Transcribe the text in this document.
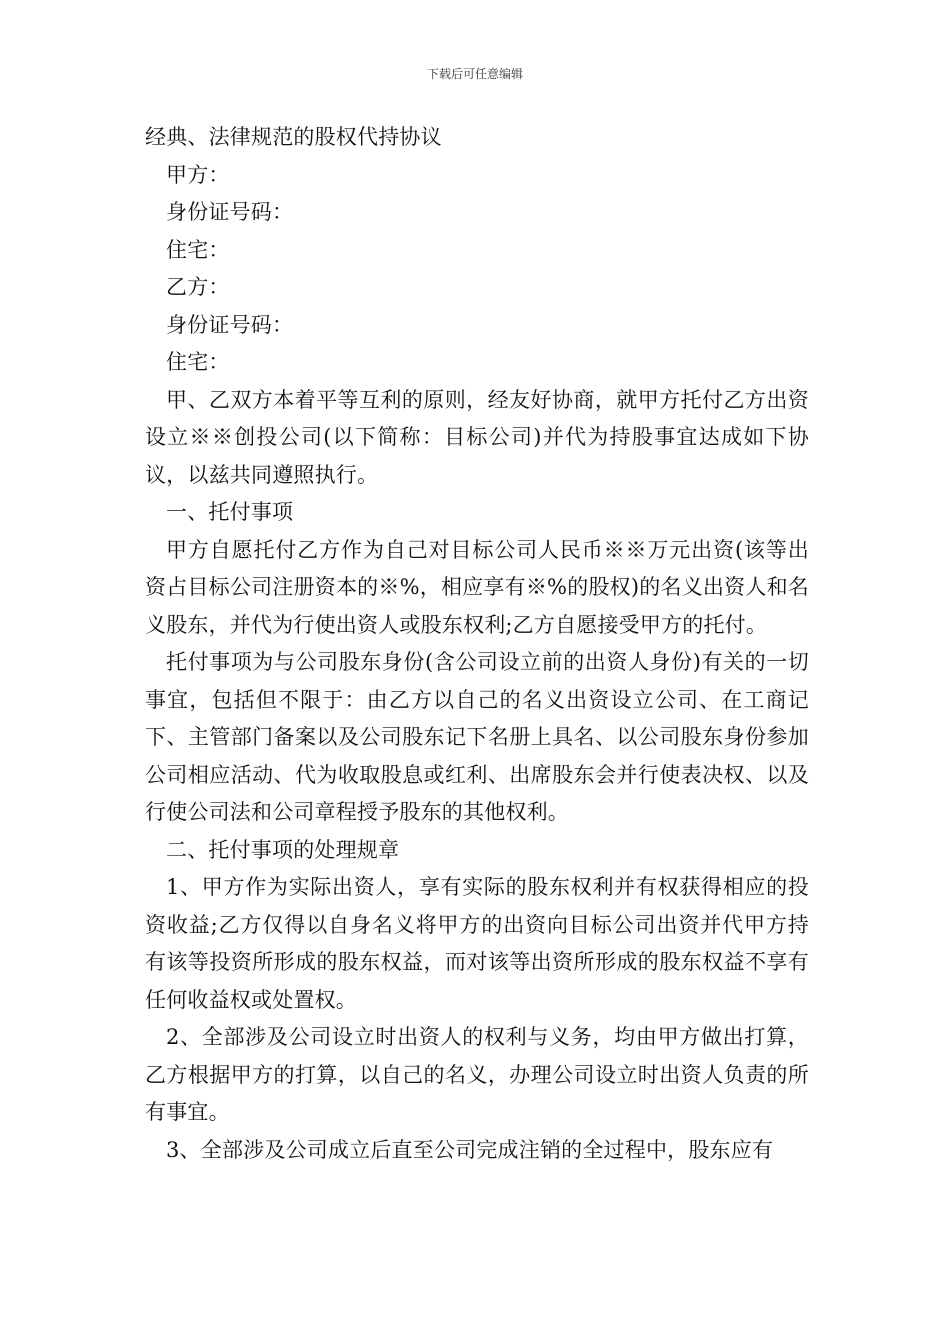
下载后可任意编辑

经典、法律规范的股权代持协议

甲方：

身份证号码：

住宅：

乙方：

身份证号码：

住宅：

甲、乙双方本着平等互利的原则，经友好协商，就甲方托付乙方出资设立※※创投公司(以下简称：目标公司)并代为持股事宜达成如下协议，以兹共同遵照执行。

一、托付事项

甲方自愿托付乙方作为自己对目标公司人民币※※万元出资(该等出资占目标公司注册资本的※%，相应享有※%的股权)的名义出资人和名义股东，并代为行使出资人或股东权利;乙方自愿接受甲方的托付。

托付事项为与公司股东身份(含公司设立前的出资人身份)有关的一切事宜，包括但不限于：由乙方以自己的名义出资设立公司、在工商记下、主管部门备案以及公司股东记下名册上具名、以公司股东身份参加公司相应活动、代为收取股息或红利、出席股东会并行使表决权、以及行使公司法和公司章程授予股东的其他权利。

二、托付事项的处理规章

1、甲方作为实际出资人，享有实际的股东权利并有权获得相应的投资收益;乙方仅得以自身名义将甲方的出资向目标公司出资并代甲方持有该等投资所形成的股东权益，而对该等出资所形成的股东权益不享有任何收益权或处置权。

2、全部涉及公司设立时出资人的权利与义务，均由甲方做出打算，乙方根据甲方的打算，以自己的名义，办理公司设立时出资人负责的所有事宜。

3、全部涉及公司成立后直至公司完成注销的全过程中，股东应有
